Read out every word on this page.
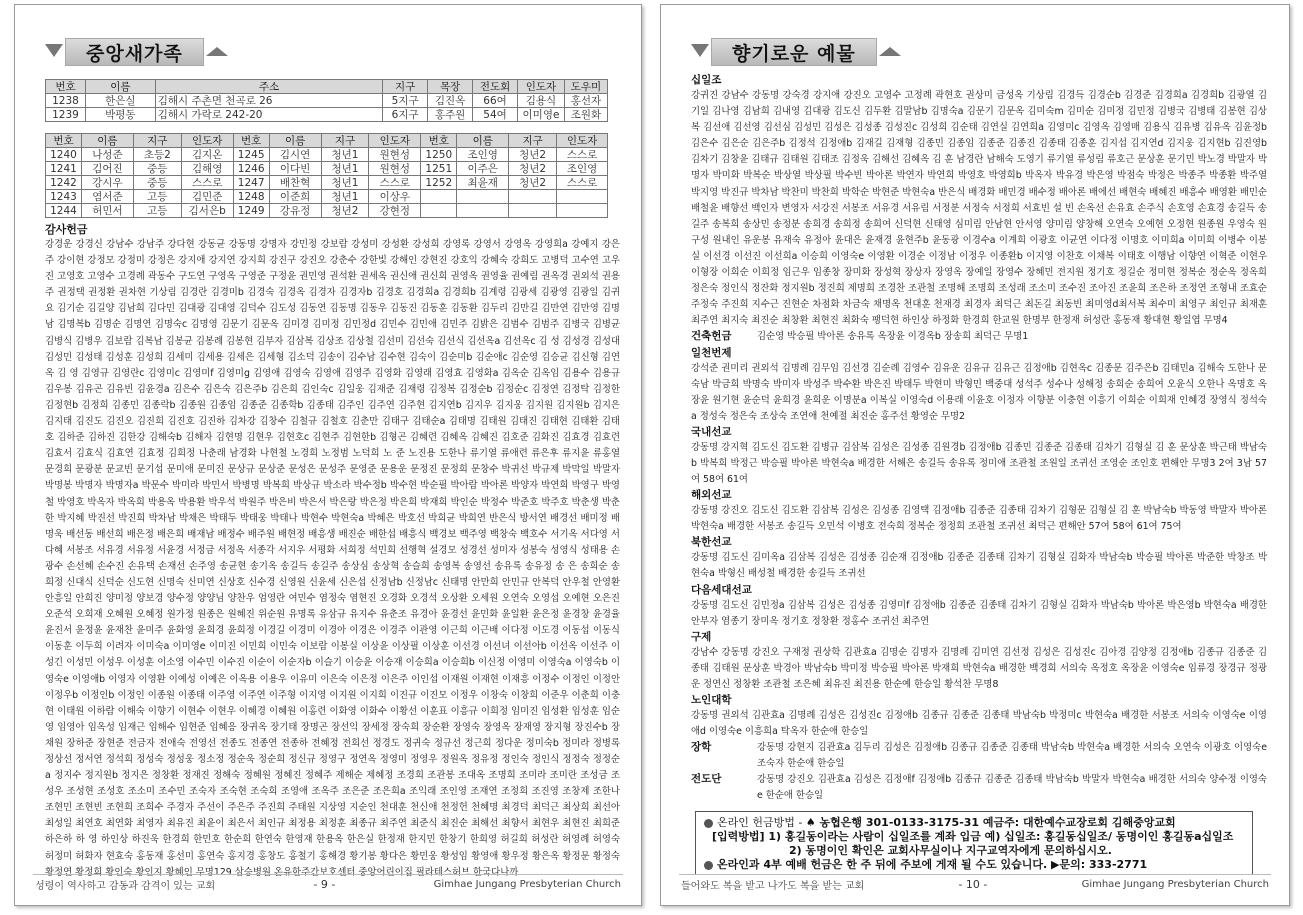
중앙새가족
번호	이름	주소	지구	목장	전도회	인도자	도우미
1238	한은실	김해시 주촌면 천곡로 26	5지구	김진옥	66여	김용식	홍선자
1239	박평동	김해시 가락로 242-20	6지구	홍주원	54여	이미영e	조원화
번호	이름	지구	인도자	번호	이름	지구	인도자	번호	이름	지구	인도자
1240	나성준	초등2	김지온	1245	김시연	청년1	원현성	1250	조인영	청년2	스스로
1241	김어진	중등	김해영	1246	이다빈	청년1	원현성	1251	이주은	청년2	조인영
1242	강시우	중등	스스로	1247	배찬혁	청년1	스스로	1252	최윤재	청년2	스스로
1243	염서준	고등	김민준	1248	이준희	청년1	이상우				
1244	허민서	고등	김서은b	1249	강유정	청년2	강현정				
감사헌금
강경운 강경신 강남수 강남주 강다현 강동균 강동명 강명자 강민정 강보람 강성미 강성환 강성희 강영록 강영서 강영옥 강영희a 강예지 강은주 강이현 강정모 강정미 강정은 강지애 강지연 강지희 강진구 강진오 강춘수 강한빛 강해인 강현진 강호익 강혜숙 강희도 고병덕 고수연 고우진 고영호 고영수 고경례 곽동수 구도연 구영옥 구영준 구정윤 권민영 권석환 권세옥 권신애 권신희 권영옥 권영율 권예림 권옥경 권외석 권용주 권정택 권정환 권차현 기상림 김경란 김경미b 김경숙 김경옥 김경자 김경자b 김경호 김경희a 김경희b 김계령 김광세 김광영 김광일 김귀요 김기순 김길양 김남희 김다민 김대광 김대영 김덕수 김도성 김동연 김동명 김동우 김동진 김동훈 김동환 김두리 김만길 김만연 김만영 김명남 김명복b 김명순 김명연 김명숙c 김명영 김문기 김문옥 김미경 김미정 김민정d 김민수 김민애 김민주 김밝은 김범수 김범주 김병국 김병균 김병식 김병우 김보람 김복남 김봉균 김봉례 김봉현 김부자 김삼복 김상조 김상철 김선미 김선숙 김선식 김선옥a 김선옥c 김 성 김성경 김성대 김성민 김성태 김성훈 김성희 김세미 김세용 김세은 김세형 김소덕 김송이 김수남 김수현 김숙이 김순미b 김순애c 김순영 김승균 김신형 김연옥 김 영 김영규 김영란c 김영미c 김영미f 김영미g 김영애 김영숙 김영애 김영주 김영화 김영래 김영효 김영화a 김옥순 김옥임 김용수 김용규 김우봉 김유곤 김유빈 김윤경a 김은수 김은숙 김은주b 김은희 김인숙c 김일웅 김재준 김재령 김정복 김정순b 김정순c 김정연 김정탁 김정한 김정현b 김정희 김종민 김종락b 김종원 김종임 김종준 김종학b 김종태 김주인 김주연 김주현 김지연b 김지우 김지웅 김지원 김지원b 김지은 김지태 김진도 김진오 김진희 김진호 김진하 김차강 김창수 김철규 김철호 김춘만 김태구 김태순a 김태명 김태원 김태진 김태현 김태환 김태호 김하준 김하진 김한강 김해숙b 김해자 김현명 김현우 김현호c 김현주 김현한b 김형곤 김혜련 김혜옥 김혜진 김호준 김화진 김효경 김효련 김효서 김효식 김효연 김효정 김희정 나춘래 남경화 나현철 노경희 노정범 노덕희 노 준 노진용 도한나 류기열 류애련 류은후 류지윤 류홍열 문경희 문광분 문교빈 문기섭 문미애 문미진 문상규 문상준 문성은 문성주 문영준 문용운 문정진 문정희 문창수 박귀선 박규제 박막일 박말자 박명봉 박명자 박명자a 박문수 박미라 박민서 박병명 박복희 박상규 박소라 박수정b 박수현 박순필 박아람 박아론 박양자 박연희 박영구 박영철 박영호 박옥자 박옥희 박용옥 박용환 박우석 박원주 박은비 박은서 박은랑 박은정 박은희 박재희 박인순 박정수 박준호 박주호 박춘생 박춘한 박지혜 박진선 박진희 박차남 박채은 박태두 박태웅 박태나 박현수 박현숙a 박혜은 박호선 박희균 박희연 반은식 방서연 배경선 배미정 배명욱 배선동 배선희 배은정 배은희 배재남 배정수 배주원 배현정 배흥생 배진순 배한섭 배흥식 백경보 백주영 백창숙 백호수 서기옥 서다영 서다혜 서봉조 서유경 서유정 서윤경 서정금 서정옥 서종각 서지우 서평화 서희정 석민희 선행혁 설경모 성경선 성미자 성봉숙 성영식 성태용 손광수 손선혜 손수진 손유택 손재선 손주영 송균현 송기옥 송길득 송길주 송상심 송상혁 송슬희 송영복 송영선 송유록 송유정 송 은 송희순 송희정 신대식 신덕순 신도현 신명숙 신미연 신상호 신수경 신영원 신윤세 신은섭 신정남b 신정남c 신태명 안만희 안민규 안복덕 안우철 안영환 안흥일 안희진 양미정 양보경 양수정 양양님 양찬우 엄영란 여민수 염정숙 염현진 오경화 오경석 오상환 오세원 오연숙 오영섭 오예현 오은진 오준석 오희재 오혜원 오혜정 원가정 원종은 원혜진 위순원 유명록 유삼규 유지수 유춘조 유경아 윤경선 윤민화 윤일환 윤은정 윤경창 윤경율 윤진서 윤정윤 윤재찬 윤미주 윤화영 윤희경 윤희정 이경길 이경미 이경아 이경은 이경주 이관영 이근희 이근배 이다정 이도경 이동섭 이동식 이동훈 이두희 이려자 이미숙a 이미영e 이미진 이민희 이민숙 이보람 이봉실 이상윤 이상필 이상훈 이선경 이선녀 이선아b 이선옥 이선주 이성긴 이성민 이성우 이성훈 이소영 이수민 이수진 이순이 이순자b 이슬기 이승윤 이승재 이승희a 이승희b 이신정 이영미 이영숙a 이영숙b 이영숙e 이영애b 이영자 이영환 이예성 이예은 이옥용 이용우 이유미 이은숙 이은정 이은주 이인섭 이재원 이재현 이재흥 이정수 이정인 이정안 이정우b 이정인b 이정인 이종원 이종태 이주영 이주연 이주형 이지영 이지원 이지희 이진규 이진모 이정우 이창숙 이창희 이준우 이춘희 이충현 이태원 이하람 이해숙 이향기 이현수 이현우 이혜경 이혜원 이홍련 이화영 이화수 이황선 이훈표 이흥규 이희정 임미진 임성환 임성훈 임순영 임영아 임옥성 임재근 임해수 임현준 임혜응 장귀옥 장기태 장명곤 장선익 장세정 장숙희 장순환 장영숙 장영옥 장재영 장지형 장진수b 장채원 장하준 장현준 전금자 전애숙 전영선 전종도 전종연 전종하 전혜정 전희선 정경도 정귀숙 정규선 정근희 정다운 정미숙b 정미라 정병록 정상선 정서연 정석희 정성숙 정성웅 정소정 정순욱 정순희 정신규 정영구 정연옥 정영미 정영우 정원옥 정유정 정인숙 정인식 정정숙 정정순a 정지수 정지원b 정지은 정창환 정재진 정해숙 정혜원 정혜진 정혜주 제해순 제혜정 조경희 조관봉 조대옥 조명희 조미라 조미란 조성금 조성우 조성현 조성호 조소미 조수민 조숙자 조숙현 조숙희 조영애 조옥주 조은준 조은희a 조익래 조인영 조재연 조정희 조진영 조창제 조한나 조현민 조현빈 조현희 조희수 주경자 주선이 주은주 주진희 주태원 지상영 지순인 천대훈 천신애 천정헌 천혜명 최경덕 최덕근 최상희 최선아 최성일 최연호 최연화 최영자 최유진 최윤이 최은서 최인규 최정용 최정훈 최종규 최주연 최준식 최진순 최해선 최향서 최현우 최현진 최희준 하은하 하 영 하인상 하진욱 한경희 한민호 한순희 한연숙 한영재 한용옥 한은실 한정재 한지민 한창기 한희영 허길희 허성란 허영례 허영숙 허정미 허화자 현효숙 홍동재 홍선미 홍연숙 홍지경 홍창도 홍철기 홍해경 황기봉 황다은 황민웅 황성임 황영애 황우정 황은옥 황정문 황정숙 황정연 황정희 황인숙 황인지 황혜인 무명129 삼승병원 온유한주간보호센터 중앙어린이집 필라테스허브 한국다나까
성령이 역사하고 감동과 감격이 있는 교회	- 9 -	Gimhae Jungang Presbyterian Church
향기로운 예물
십일조
강귀진 강남수 강동명 강숙경 강지애 강진오 고영수 고정례 곽현호 권상미 금성옥 기상림 김경득 김경순b 김경준 김경희a 김경희b 김광열 김기일 김나영 김남희 김내영 김대광 김도신 김두환 김말남b 김명숙a 김문기 김문옥 김미숙m 김미순 김미정 김민정 김병국 김병태 김봉현 김상복 김선애 김선영 김선심 김성민 김성은 김성종 김성진c 김성희 김순태 김연실 김연희a 김영미c 김영옥 김영매 김용식 김유병 김유옥 김윤정b 김은수 김은순 김은주b 김정석 김정애b 김재길 김재형 김종민 김종임 김종준 김종진 김종태 김종훈 김지섭 김지연d 김지웅 김지현b 김진영b 김차기 김창윤 김태규 김태원 김태조 김정욱 김해선 김혜옥 김 훈 남경란 남해숙 도영기 류기열 류성림 류호근 문상훈 문기민 박노경 박말자 박명자 박미화 박복순 박상열 박상필 박수빈 박아론 박연자 박연희 박영호 박영희b 박옥자 박유경 박은영 박점숙 박정은 박종주 박종환 박주열 박지영 박진규 박차남 박찬미 박찬희 박학순 박현준 박현숙a 반은식 배경화 배민경 배수정 배아론 배에선 배현숙 배혜진 배흥수 배영환 배민순 배철윤 배향선 백인자 변영자 서강진 서봉조 서유경 서유림 서정분 서정숙 서정희 서효빈 설 빈 손옥선 손유효 손주식 손호영 손효경 송길득 송길주 송복희 송상민 송정분 송희경 송희정 송희여 신덕현 신태영 심미림 안남현 안서영 양미림 양창해 오연숙 오예현 오정현 원종원 우영숙 원구성 원내인 유운봉 유재숙 유정아 윤대은 윤재경 윤현주b 윤동광 이경수a 이계희 이광호 이균연 이다정 이명호 이미희a 이미희 이병수 이봉실 이선경 이선진 이선희a 이승희 이영숙e 이영환 이경순 이정남 이정우 이종환b 이지영 이찬호 이채복 이태호 이행남 이향연 이혁준 이현우 이형장 이희순 이희정 임근우 임종창 장미화 장성혁 장상자 장영옥 장예일 장영수 장혜민 전지원 정기호 정길순 정미현 정복순 정순옥 정옥희 정은숙 정인식 정잔화 정지원b 정진희 제명희 조경찬 조관철 조명해 조명희 조성래 조소미 조수진 조아진 조윤희 조은하 조정연 조형내 조효순 주정숙 주진희 지수근 진현순 차점화 차금숙 채명옥 천대훈 천재경 최경자 최덕근 최돈길 최동빈 최미영d최서복 최수미 최영구 최인규 최재훈 최주연 최지숙 최진순 최창환 최현진 최화숙 팽덕현 하인상 하정화 한경희 한교원 한명부 한정재 허성란 홍동재 황대현 황일엽 무명4
건축헌금	김순영 박승필 박아론 송유록 옥장윤 이경옥b 장송희 최덕근 무명1
일천번제
강석준 권미리 권외석 김명례 김무임 김선경 김순례 김영수 김유운 김유규 김유근 김정애b 김현옥c 김종문 김주은b 김태민a 김해숙 도한나 문숙남 박금희 박명숙 박미자 박성주 박수환 박은진 박태두 박현미 박형민 백중대 성석주 성수나 성해정 송희순 송희여 오윤식 오한나 옥명호 옥장윤 원기현 윤순덕 윤희경 윤희운 이명분a 이복실 이영숙d 이용래 이윤호 이정자 이향분 이충현 이흥기 이희순 이희재 인혜경 장영식 정석숙a 정성숙 정은숙 조상숙 조연애 천예절 최진순 홍주선 황영순 무명2
국내선교
강동명 강지혁 김도신 김도환 김병규 김삼복 김성은 김성종 김원경b 김정애b 김종민 김종준 김종태 김차기 김형실 김 훈 문상훈 박근태 박남숙b 박복희 박정근 박승필 박아론 박현숙a 배경한 서해은 송길득 송유록 정미애 조관철 조원일 조귀선 조영순 조인호 편해안 무명3 2여 3남 57여 58여 61여
해외선교
강동명 강진오 김도신 김도환 김삼복 김성은 김성종 김영택 김정애b 김종준 김종태 김차기 김형문 김형실 김 훈 박남숙b 박동영 박말자 박아론 박현숙a 배경한 서봉조 송길득 오민석 이병호 전숙희 정복순 정정희 조관철 조귀선 최덕근 편해안 57여 58여 61여 75여
북한선교
강동명 김도신 김미옥a 김삼복 김성은 김성종 김순재 김정애b 김종준 김종태 김차기 김형실 김화자 박남숙b 박승필 박아론 박준한 박창조 박현숙a 박형신 배성철 배경한 송길득 조귀선
다음세대선교
강동명 김도신 김민정a 김삼복 김성은 김성종 김영미f 김정애b 김종준 김종태 김차기 김형실 김화자 박남숙b 박아론 박은영b 박현숙a 배경한 안부자 염종기 장미옥 정기호 정창환 정홍수 조귀선 최주연
구제
강남수 강동명 강진오 구재정 권상학 김관효a 김명순 김명자 김명례 김미연 김선정 김성은 김성진c 김아경 김양정 김정애b 김종규 김종준 김종태 김태원 문상훈 박경아 박남숙b 박미정 박승필 박아론 박재희 박현숙a 배경한 백경희 서의숙 옥정호 옥장윤 이영숙e 임류경 장경규 정광운 정연신 정창환 조관철 조은혜 최유진 최진용 한순예 한승일 황석찬 무명8
노인대학
강동명 권외석 김관효a 김명례 김성은 김성진c 김정애b 김종규 김종준 김종태 박남숙b 박정미c 박현숙a 배경한 서봉조 서의숙 이영숙e 이영애d 이영숙e 이흥희a 탁옥자 한순애 한승일
장학	강동명 강현지 김관효a 김두리 김성은 김정애b 김종규 김종준 김종태 박남숙b 박현숙a 배경한 서의숙 오연숙 이광호 이영숙e 조숙자 한순애 한승일
전도단	강동명 강진오 김관효a 김성은 김정애f 김정애b 김종규 김종준 김종태 박남숙b 박말자 박현숙a 배경한 서의숙 양수정 이영숙e 한순애 한승일
온라인 헌금방법 - ♠ 농협은행 301-0133-3175-31 예금주: 대한예수교장로회 김해중앙교회
[입력방법] 1) 홍길동이라는 사람이 십일조를 계좌 입금 예) 십일조: 홍길동십일조/ 동명이인 홍길동a십일조
2) 동명이인 확인은 교회사무실이나 지구교역자에게 문의하십시오.
온라인과 4부 예배 헌금은 한 주 뒤에 주보에 게재 될 수도 있습니다. ▶문의: 333-2771
들어와도 복을 받고 나가도 복을 받는 교회	- 10 -	Gimhae Jungang Presbyterian Church
